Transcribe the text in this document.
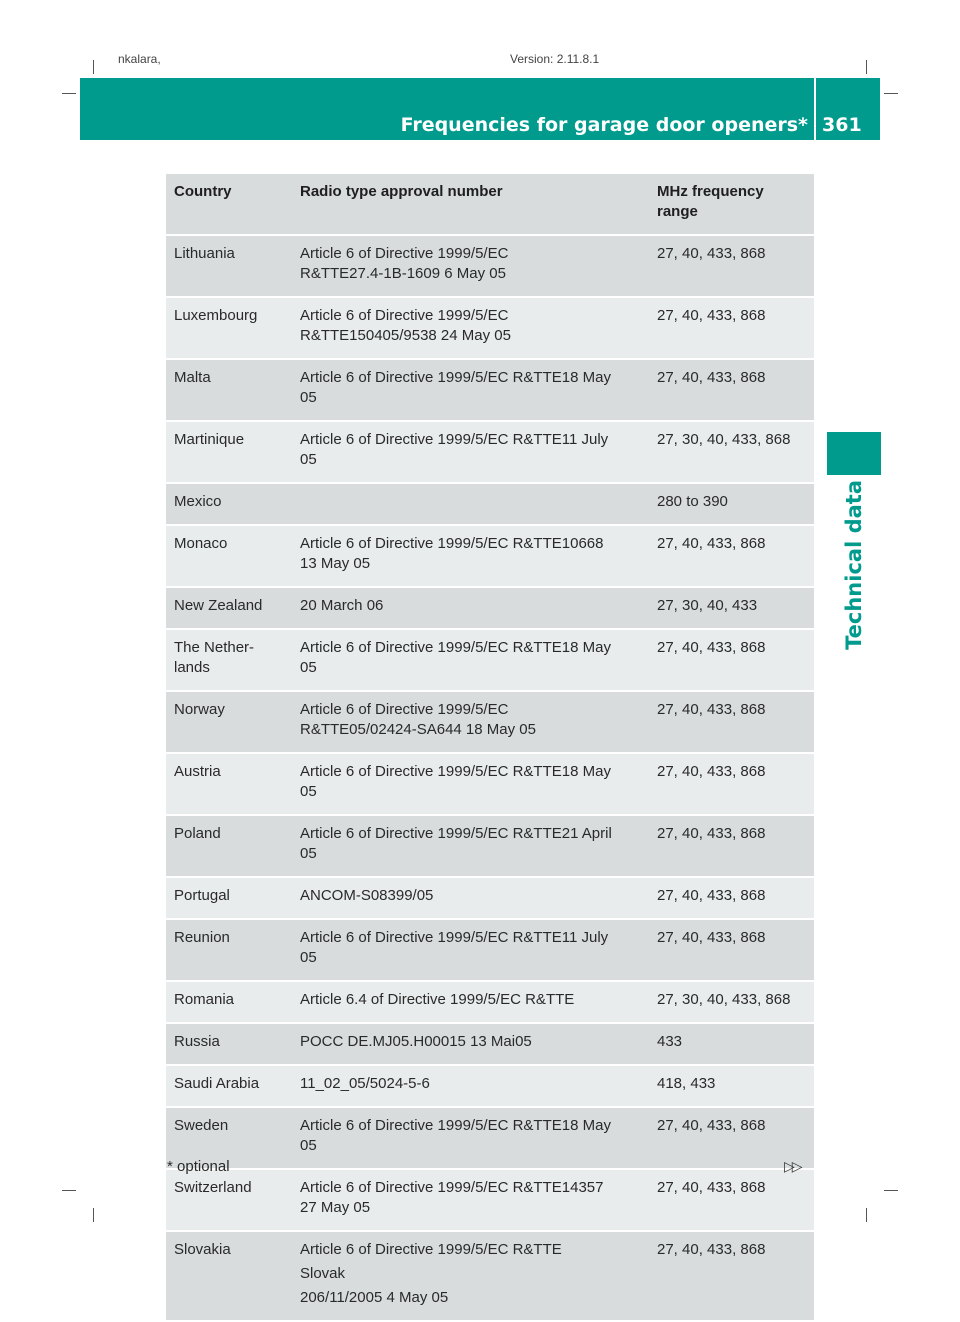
nkalara,	Version: 2.11.8.1
Frequencies for garage door openers* 361
Technical data
Country	Radio type approval number	MHz frequency range

Lithuania	Article 6 of Directive 1999/5/EC
R&TTE27.4-1B-1609 6 May 05	27, 40, 433, 868

Luxembourg	Article 6 of Directive 1999/5/EC
R&TTE150405/9538 24 May 05	27, 40, 433, 868

Malta	Article 6 of Directive 1999/5/EC R&TTE18 May
05	27, 40, 433, 868

Martinique	Article 6 of Directive 1999/5/EC R&TTE11 July
05	27, 30, 40, 433, 868

Mexico		280 to 390

Monaco	Article 6 of Directive 1999/5/EC R&TTE10668
13 May 05	27, 40, 433, 868

New Zealand	20 March 06	27, 30, 40, 433

The Nether-
lands	Article 6 of Directive 1999/5/EC R&TTE18 May
05	27, 40, 433, 868

Norway	Article 6 of Directive 1999/5/EC
R&TTE05/02424-SA644 18 May 05	27, 40, 433, 868

Austria	Article 6 of Directive 1999/5/EC R&TTE18 May
05	27, 40, 433, 868

Poland	Article 6 of Directive 1999/5/EC R&TTE21 April
05	27, 40, 433, 868

Portugal	ANCOM-S08399/05	27, 40, 433, 868

Reunion	Article 6 of Directive 1999/5/EC R&TTE11 July
05	27, 40, 433, 868

Romania	Article 6.4 of Directive 1999/5/EC R&TTE	27, 30, 40, 433, 868

Russia	POCC DE.MJ05.H00015 13 Mai05	433

Saudi Arabia	11_02_05/5024-5-6	418, 433

Sweden	Article 6 of Directive 1999/5/EC R&TTE18 May
05	27, 40, 433, 868

Switzerland	Article 6 of Directive 1999/5/EC R&TTE14357
27 May 05	27, 40, 433, 868

Slovakia	Article 6 of Directive 1999/5/EC R&TTE
Slovak
206/11/2005 4 May 05	27, 40, 433, 868
* optional	▷▷
